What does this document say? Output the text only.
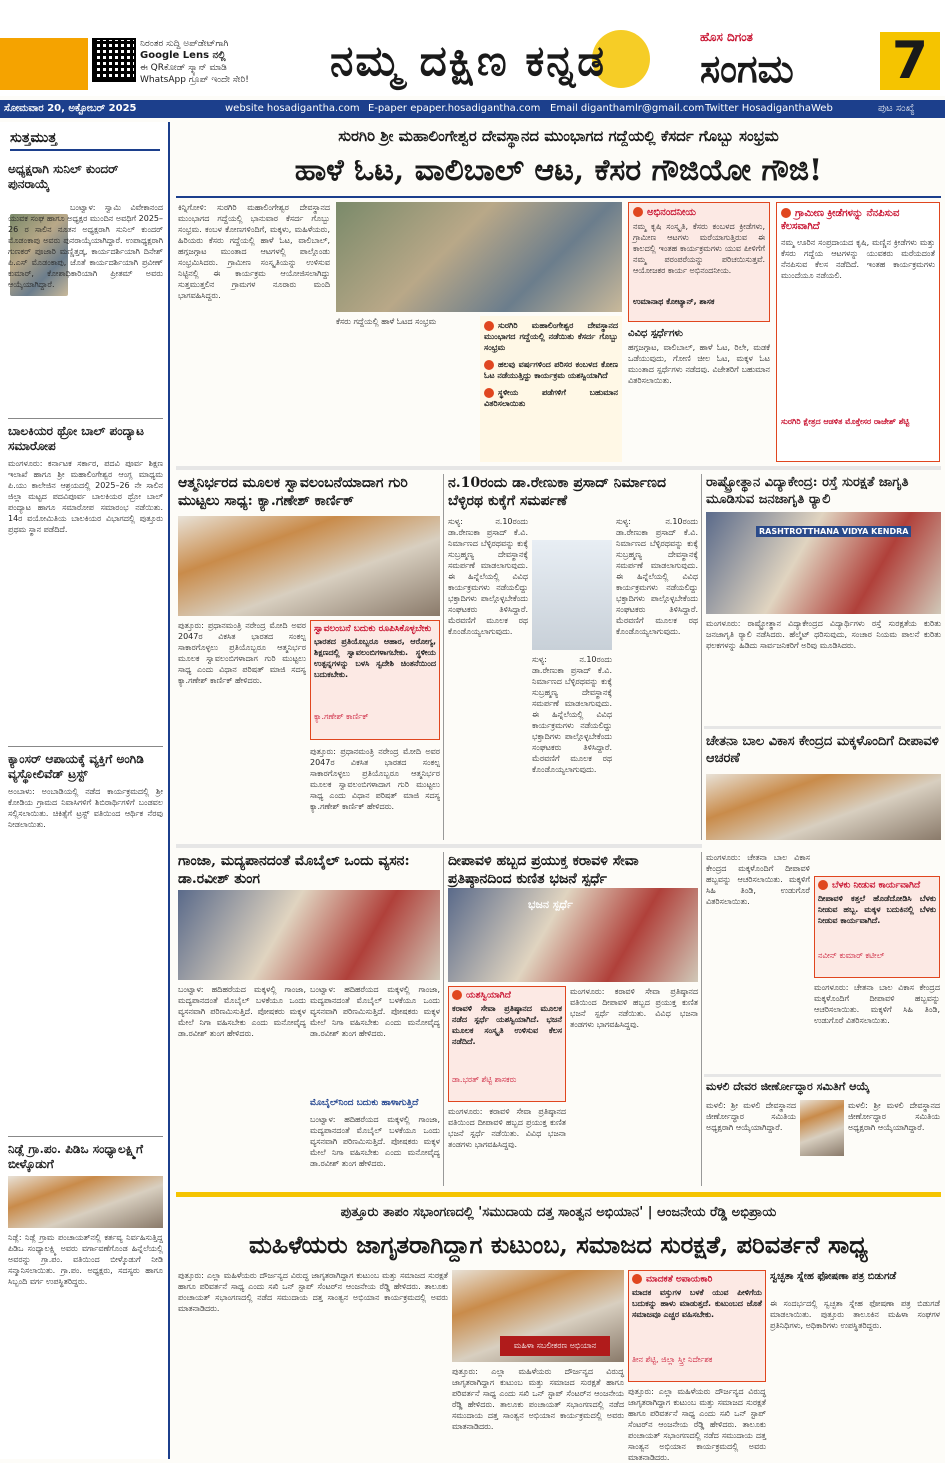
ನಿರಂತರ ಸುದ್ದಿ ಅಪ್‌ಡೇಟ್‌ಗಾಗಿ
Google Lens ನಲ್ಲಿ
ಈ QRಕೋಡ್ ಸ್ಕ್ಯಾನ್ ಮಾಡಿ
WhatsApp ಗ್ರೂಪ್ ಇಂದೇ ಸೇರಿ!	ನಮ್ಮ ದಕ್ಷಿಣ ಕನ್ನಡ	ಹೊಸ ದಿಗಂತ
ಸಂಗಮ 7
ಸೋಮವಾರ 20, ಅಕ್ಟೋಬರ್ 2025	website hosadigantha.com E-paper epaper.hosadigantha.com Email diganthamlr@gmail.com Twitter HosadiganthaWeb	ಪುಟ ಸಂಖ್ಯೆ
ಸುತ್ತಮುತ್ತ
ಅಧ್ಯಕ್ಷರಾಗಿ ಸುನಿಲ್ ಕುಂದರ್ ಪುನರಾಯ್ಕೆ
ಬಂಟ್ವಾಳ: ಸ್ವಾಮಿ ವಿವೇಕಾನಂದ ಯುವಕ ಸಂಘ ಹಾಗೂ ಅಧ್ಯಕ್ಷರ ಮುಂದಿನ ಅವಧಿಗೆ 2025–26 ರ ಸಾಲಿನ ನೂತನ ಅಧ್ಯಕ್ಷರಾಗಿ ಸುನಿಲ್ ಕುಂದರ್ ಮೊಡಂಕಾಪು ಅವರು ಪುನರಾಯ್ಕೆಯಾಗಿದ್ದಾರೆ. ಉಪಾಧ್ಯಕ್ಷರಾಗಿ ಗುಣಕರ್ ಪೂಜಾರಿ ಮಣ್ಣಿತ್ತಡ್ಕ, ಕಾರ್ಯದರ್ಶಿಯಾಗಿ ದಿನೇಶ್ ಪಿ.ಎಸ್ ಮೊಡಂಕಾಪು, ಜೊತೆ ಕಾರ್ಯದರ್ಶಿಯಾಗಿ ಪ್ರವೀಣ್ ಕುಮಾರ್, ಕೋಶಾಧಿಕಾರಿಯಾಗಿ ಪ್ರೀತಮ್ ಅವರು ಆಯ್ಕೆಯಾಗಿದ್ದಾರೆ.
ಬಾಲಕಿಯರ ಥ್ರೋ ಬಾಲ್ ಪಂದ್ಯಾಟ ಸಮಾರೋಪ
ಮಂಗಳೂರು: ಕರ್ನಾಟಕ ಸರ್ಕಾರ, ಪದವಿ ಪೂರ್ವ ಶಿಕ್ಷಣ ಇಲಾಖೆ ಹಾಗೂ ಶ್ರೀ ಮಹಾಲಿಂಗೇಶ್ವರ ಆಂಗ್ಲ ಮಾಧ್ಯಮ ಪಿ.ಯು ಕಾಲೇಜಿನ ಆಶ್ರಯದಲ್ಲಿ 2025–26 ನೇ ಸಾಲಿನ ಜಿಲ್ಲಾ ಮಟ್ಟದ ಪದವಿಪೂರ್ವ ಬಾಲಕಿಯರ ಥ್ರೋ ಬಾಲ್ ಪಂದ್ಯಾಟ ಹಾಗೂ ಸಮಾರೋಪ ಸಮಾರಂಭ ನಡೆಯಿತು. 14ರ ವಯೋಮಿತಿಯ ಬಾಲಕಿಯರ ವಿಭಾಗದಲ್ಲಿ ಪುತ್ತೂರು ಪ್ರಥಮ ಸ್ಥಾನ ಪಡೆದಿದೆ.
ಕ್ಯಾಂಸರ್ ಆಪಾಯಕ್ಕೆ ವ್ಯಕ್ತಿಗೆ ಅಂಗಿಡಿ ವ್ಯಸ್ಥೋಲಿವೆಡ್ ಟ್ರಸ್ಟ್
ಅಂಬಾಳು: ಅಂಬಾಡಿಯಲ್ಲಿ ನಡೆದ ಕಾರ್ಯಕ್ರಮದಲ್ಲಿ ಶ್ರೀ ಕೋಡಿಯ ಗ್ರಾಮದ ನಿವಾಸಿಗಳಿಗೆ ಶಿಬಿರಾರ್ಥಿಗಳಿಗೆ ಬಂಡವಲ ಸಲ್ಲಿಸಲಾಯಿತು. ಚಿಕಿತ್ಸೆಗೆ ಟ್ರಸ್ಟ್ ವತಿಯಿಂದ ಆರ್ಥಿಕ ನೆರವು ನೀಡಲಾಯಿತು.
ನಿಡ್ಲೆ ಗ್ರಾ.ಪಂ. ಪಿಡಿಒ ಸಂಧ್ಯಾಲಕ್ಷ್ಮಿಗೆ ಬೀಳ್ಕೊಡುಗೆ
ನಿಡ್ಲೆ: ನಿಡ್ಲೆ ಗ್ರಾಮ ಪಂಚಾಯತ್‌ನಲ್ಲಿ ಕರ್ತವ್ಯ ನಿರ್ವಹಿಸುತ್ತಿದ್ದ ಪಿಡಿಒ ಸಂಧ್ಯಾಲಕ್ಷ್ಮಿ ಅವರು ವರ್ಗಾವಣೆಗೊಂಡ ಹಿನ್ನೆಲೆಯಲ್ಲಿ ಅವರನ್ನು ಗ್ರಾ.ಪಂ. ವತಿಯಿಂದ ಬೀಳ್ಕೊಡುಗೆ ನೀಡಿ ಸನ್ಮಾನಿಸಲಾಯಿತು. ಗ್ರಾ.ಪಂ. ಅಧ್ಯಕ್ಷರು, ಸದಸ್ಯರು ಹಾಗೂ ಸಿಬ್ಬಂದಿ ವರ್ಗ ಉಪಸ್ಥಿತರಿದ್ದರು.
ಸುರಗಿರಿ ಶ್ರೀ ಮಹಾಲಿಂಗೇಶ್ವರ ದೇವಸ್ಥಾನದ ಮುಂಭಾಗದ ಗದ್ದೆಯಲ್ಲಿ ಕೆಸರ್ದ ಗೊಬ್ಬು ಸಂಭ್ರಮ
ಹಾಳೆ ಓಟ, ವಾಲಿಬಾಲ್ ಆಟ, ಕೆಸರ ಗೌಜಿಯೋ ಗೌಜಿ!
ಕಿನ್ನಿಗೋಳಿ: ಸುರಗಿರಿ ಮಹಾಲಿಂಗೇಶ್ವರ ದೇವಸ್ಥಾನದ ಮುಂಭಾಗದ ಗದ್ದೆಯಲ್ಲಿ ಭಾನುವಾರ ಕೆಸರ್ದ ಗೊಬ್ಬು ಸಂಭ್ರಮ. ಕಂಬಳ ಕೋಣಗಳಿಂದಿಗೆ, ಮಕ್ಕಳು, ಮಹಿಳೆಯರು, ಹಿರಿಯರು ಕೆಸರು ಗದ್ದೆಯಲ್ಲಿ ಹಾಳೆ ಓಟ, ವಾಲಿಬಾಲ್, ಹಗ್ಗಜಗ್ಗಾಟ ಮುಂತಾದ ಆಟಗಳಲ್ಲಿ ಪಾಲ್ಗೊಂಡು ಸಂಭ್ರಮಿಸಿದರು. ಗ್ರಾಮೀಣ ಸಂಸ್ಕೃತಿಯನ್ನು ಉಳಿಸುವ ನಿಟ್ಟಿನಲ್ಲಿ ಈ ಕಾರ್ಯಕ್ರಮ ಆಯೋಜಿಸಲಾಗಿದ್ದು ಸುತ್ತಮುತ್ತಲಿನ ಗ್ರಾಮಗಳ ನೂರಾರು ಮಂದಿ ಭಾಗವಹಿಸಿದ್ದರು.
ಕೆಸರು ಗದ್ದೆಯಲ್ಲಿ ಹಾಳೆ ಓಟದ ಸಂಭ್ರಮ	ಸುರಗಿರಿ ಮಹಾಲಿಂಗೇಶ್ವರ ದೇವಸ್ಥಾನದ ಮುಂಭಾಗದ ಗದ್ದೆಯಲ್ಲಿ ನಡೆಯಿತು ಕೆಸರ್ದ ಗೊಬ್ಬು ಸಂಭ್ರಮ
ಹಲವು ವರ್ಷಗಳಿಂದ ಪರಿಸರ ಕಂಬಳದ ಕೋಣ ಓಟ ನಡೆಯುತ್ತಿದ್ದು ಕಾರ್ಯಕ್ರಮ ಯಶಸ್ವಿಯಾಗಿದೆ
ಸ್ಥಳೀಯ ಪಡೆಗಳಿಗೆ ಬಹುಮಾನ ವಿತರಿಸಲಾಯಿತು
ಅಭಿನಂದನೀಯ
ನಮ್ಮ ಕೃಷಿ ಸಂಸ್ಕೃತಿ, ಕೆಸರು ಕಂಬಳದ ಕ್ರೀಡೆಗಳು, ಗ್ರಾಮೀಣ ಆಟಗಳು ಮರೆಯಾಗುತ್ತಿರುವ ಈ ಕಾಲದಲ್ಲಿ ಇಂತಹ ಕಾರ್ಯಕ್ರಮಗಳು ಯುವ ಪೀಳಿಗೆಗೆ ನಮ್ಮ ಪರಂಪರೆಯನ್ನು ಪರಿಚಯಿಸುತ್ತವೆ. ಆಯೋಜಕರ ಕಾರ್ಯ ಅಭಿನಂದನೀಯ.
ಉಮಾನಾಥ ಕೋಟ್ಯಾನ್, ಶಾಸಕ
ವಿವಿಧ ಸ್ಪರ್ಧೆಗಳು
ಹಗ್ಗಜಗ್ಗಾಟ, ವಾಲಿಬಾಲ್, ಹಾಳೆ ಓಟ, ರಿಲೇ, ಮಡಕೆ ಒಡೆಯುವುದು, ಗೋಣಿ ಚೀಲ ಓಟ, ಮಕ್ಕಳ ಓಟ ಮುಂತಾದ ಸ್ಪರ್ಧೆಗಳು ನಡೆದವು. ವಿಜೇತರಿಗೆ ಬಹುಮಾನ ವಿತರಿಸಲಾಯಿತು.
ಗ್ರಾಮೀಣ ಕ್ರೀಡೆಗಳನ್ನು ನೆನಪಿಸುವ ಕೆಲಸವಾಗಿದೆ
ನಮ್ಮ ಊರಿನ ಸಂಪ್ರದಾಯದ ಕೃಷಿ, ಮಣ್ಣಿನ ಕ್ರೀಡೆಗಳು ಮತ್ತು ಕೆಸರು ಗದ್ದೆಯ ಆಟಗಳನ್ನು ಯುವಕರು ಮರೆಯದಂತೆ ನೆನಪಿಸುವ ಕೆಲಸ ನಡೆದಿದೆ. ಇಂತಹ ಕಾರ್ಯಕ್ರಮಗಳು ಮುಂದೆಯೂ ನಡೆಯಲಿ.
ಸುರಗಿರಿ ಕ್ಷೇತ್ರದ ಆಡಳಿತ ಮೊಕ್ತೇಸರ ರಾಜೇಶ್ ಶೆಟ್ಟಿ
ಆತ್ಮನಿರ್ಭರದ ಮೂಲಕ ಸ್ವಾವಲಂಬನೆಯಾದಾಗ ಗುರಿ ಮುಟ್ಟಲು ಸಾಧ್ಯ: ಕ್ಯಾ.ಗಣೇಶ್ ಕಾರ್ಣಿಕ್
ಪುತ್ತೂರು: ಪ್ರಧಾನಮಂತ್ರಿ ನರೇಂದ್ರ ಮೋದಿ ಅವರ 2047ರ ವಿಕಸಿತ ಭಾರತದ ಸಂಕಲ್ಪ ಸಾಕಾರಗೊಳ್ಳಲು ಪ್ರತಿಯೊಬ್ಬರೂ ಆತ್ಮನಿರ್ಭರ ಮೂಲಕ ಸ್ವಾವಲಂಬಿಗಳಾದಾಗ ಗುರಿ ಮುಟ್ಟಲು ಸಾಧ್ಯ ಎಂದು ವಿಧಾನ ಪರಿಷತ್ ಮಾಜಿ ಸದಸ್ಯ ಕ್ಯಾ.ಗಣೇಶ್ ಕಾರ್ಣಿಕ್ ಹೇಳಿದರು.
ಸ್ವಾವಲಂಬನೆ ಬದುಕು ರೂಪಿಸಿಕೊಳ್ಳಬೇಕು
ಭಾರತದ ಪ್ರತಿಯೊಬ್ಬರೂ ಆಹಾರ, ಆರೋಗ್ಯ, ಶಿಕ್ಷಣದಲ್ಲಿ ಸ್ವಾವಲಂಬಿಗಳಾಗಬೇಕು. ಸ್ಥಳೀಯ ಉತ್ಪನ್ನಗಳನ್ನು ಬಳಸಿ ಸ್ವದೇಶಿ ಚಿಂತನೆಯಿಂದ ಬದುಕಬೇಕು.
ಕ್ಯಾ.ಗಣೇಶ್ ಕಾರ್ಣಿಕ್
ಪುತ್ತೂರು: ಪ್ರಧಾನಮಂತ್ರಿ ನರೇಂದ್ರ ಮೋದಿ ಅವರ 2047ರ ವಿಕಸಿತ ಭಾರತದ ಸಂಕಲ್ಪ ಸಾಕಾರಗೊಳ್ಳಲು ಪ್ರತಿಯೊಬ್ಬರೂ ಆತ್ಮನಿರ್ಭರ ಮೂಲಕ ಸ್ವಾವಲಂಬಿಗಳಾದಾಗ ಗುರಿ ಮುಟ್ಟಲು ಸಾಧ್ಯ ಎಂದು ವಿಧಾನ ಪರಿಷತ್ ಮಾಜಿ ಸದಸ್ಯ ಕ್ಯಾ.ಗಣೇಶ್ ಕಾರ್ಣಿಕ್ ಹೇಳಿದರು.
ನ.10ರಂದು ಡಾ.ರೇಣುಕಾ ಪ್ರಸಾದ್ ನಿರ್ಮಾಣದ ಬೆಳ್ಳಿರಥ ಕುಕ್ಕೆಗೆ ಸಮರ್ಪಣೆ
ಸುಳ್ಯ: ನ.10ರಂದು ಡಾ.ರೇಣುಕಾ ಪ್ರಸಾದ್ ಕೆ.ವಿ. ನಿರ್ಮಾಣದ ಬೆಳ್ಳಿರಥವನ್ನು ಕುಕ್ಕೆ ಸುಬ್ರಹ್ಮಣ್ಯ ದೇವಸ್ಥಾನಕ್ಕೆ ಸಮರ್ಪಣೆ ಮಾಡಲಾಗುವುದು. ಈ ಹಿನ್ನೆಲೆಯಲ್ಲಿ ವಿವಿಧ ಕಾರ್ಯಕ್ರಮಗಳು ನಡೆಯಲಿದ್ದು ಭಕ್ತಾದಿಗಳು ಪಾಲ್ಗೊಳ್ಳಬೇಕೆಂದು ಸಂಘಟಕರು ತಿಳಿಸಿದ್ದಾರೆ. ಮೆರವಣಿಗೆ ಮೂಲಕ ರಥ ಕೊಂಡೊಯ್ಯಲಾಗುವುದು.
ಸುಳ್ಯ: ನ.10ರಂದು ಡಾ.ರೇಣುಕಾ ಪ್ರಸಾದ್ ಕೆ.ವಿ. ನಿರ್ಮಾಣದ ಬೆಳ್ಳಿರಥವನ್ನು ಕುಕ್ಕೆ ಸುಬ್ರಹ್ಮಣ್ಯ ದೇವಸ್ಥಾನಕ್ಕೆ ಸಮರ್ಪಣೆ ಮಾಡಲಾಗುವುದು. ಈ ಹಿನ್ನೆಲೆಯಲ್ಲಿ ವಿವಿಧ ಕಾರ್ಯಕ್ರಮಗಳು ನಡೆಯಲಿದ್ದು ಭಕ್ತಾದಿಗಳು ಪಾಲ್ಗೊಳ್ಳಬೇಕೆಂದು ಸಂಘಟಕರು ತಿಳಿಸಿದ್ದಾರೆ. ಮೆರವಣಿಗೆ ಮೂಲಕ ರಥ ಕೊಂಡೊಯ್ಯಲಾಗುವುದು.
ಸುಳ್ಯ: ನ.10ರಂದು ಡಾ.ರೇಣುಕಾ ಪ್ರಸಾದ್ ಕೆ.ವಿ. ನಿರ್ಮಾಣದ ಬೆಳ್ಳಿರಥವನ್ನು ಕುಕ್ಕೆ ಸುಬ್ರಹ್ಮಣ್ಯ ದೇವಸ್ಥಾನಕ್ಕೆ ಸಮರ್ಪಣೆ ಮಾಡಲಾಗುವುದು. ಈ ಹಿನ್ನೆಲೆಯಲ್ಲಿ ವಿವಿಧ ಕಾರ್ಯಕ್ರಮಗಳು ನಡೆಯಲಿದ್ದು ಭಕ್ತಾದಿಗಳು ಪಾಲ್ಗೊಳ್ಳಬೇಕೆಂದು ಸಂಘಟಕರು ತಿಳಿಸಿದ್ದಾರೆ. ಮೆರವಣಿಗೆ ಮೂಲಕ ರಥ ಕೊಂಡೊಯ್ಯಲಾಗುವುದು.
ರಾಷ್ಟ್ರೋತ್ಥಾನ ವಿದ್ಯಾಕೇಂದ್ರ: ರಸ್ತೆ ಸುರಕ್ಷತೆ ಜಾಗೃತಿ ಮೂಡಿಸುವ ಜನಜಾಗೃತಿ ರ್‍ಯಾಲಿ
RASHTROTTHANA VIDYA KENDRA
ಮಂಗಳೂರು: ರಾಷ್ಟ್ರೋತ್ಥಾನ ವಿದ್ಯಾಕೇಂದ್ರದ ವಿದ್ಯಾರ್ಥಿಗಳು ರಸ್ತೆ ಸುರಕ್ಷತೆಯ ಕುರಿತು ಜನಜಾಗೃತಿ ರ್‍ಯಾಲಿ ನಡೆಸಿದರು. ಹೆಲ್ಮೆಟ್ ಧರಿಸುವುದು, ಸಂಚಾರ ನಿಯಮ ಪಾಲನೆ ಕುರಿತು ಫಲಕಗಳನ್ನು ಹಿಡಿದು ಸಾರ್ವಜನಿಕರಿಗೆ ಅರಿವು ಮೂಡಿಸಿದರು.
ಚೇತನಾ ಬಾಲ ವಿಕಾಸ ಕೇಂದ್ರದ ಮಕ್ಕಳೊಂದಿಗೆ ದೀಪಾವಳಿ ಆಚರಣೆ
ಗಾಂಜಾ, ಮದ್ಯಪಾನದಂತೆ ಮೊಬೈಲ್ ಒಂದು ವ್ಯಸನ: ಡಾ.ರವೀಶ್ ತುಂಗ
ಬಂಟ್ವಾಳ: ಹದಿಹರೆಯದ ಮಕ್ಕಳಲ್ಲಿ ಗಾಂಜಾ, ಮದ್ಯಪಾನದಂತೆ ಮೊಬೈಲ್ ಬಳಕೆಯೂ ಒಂದು ವ್ಯಸನವಾಗಿ ಪರಿಣಮಿಸುತ್ತಿದೆ. ಪೋಷಕರು ಮಕ್ಕಳ ಮೇಲೆ ನಿಗಾ ವಹಿಸಬೇಕು ಎಂದು ಮನೋವೈದ್ಯ ಡಾ.ರವೀಶ್ ತುಂಗ ಹೇಳಿದರು.
ಬಂಟ್ವಾಳ: ಹದಿಹರೆಯದ ಮಕ್ಕಳಲ್ಲಿ ಗಾಂಜಾ, ಮದ್ಯಪಾನದಂತೆ ಮೊಬೈಲ್ ಬಳಕೆಯೂ ಒಂದು ವ್ಯಸನವಾಗಿ ಪರಿಣಮಿಸುತ್ತಿದೆ. ಪೋಷಕರು ಮಕ್ಕಳ ಮೇಲೆ ನಿಗಾ ವಹಿಸಬೇಕು ಎಂದು ಮನೋವೈದ್ಯ ಡಾ.ರವೀಶ್ ತುಂಗ ಹೇಳಿದರು.
ಮೊಬೈಲ್‌ನಿಂದ ಬದುಕು ಹಾಳಾಗುತ್ತಿದೆ
ಬಂಟ್ವಾಳ: ಹದಿಹರೆಯದ ಮಕ್ಕಳಲ್ಲಿ ಗಾಂಜಾ, ಮದ್ಯಪಾನದಂತೆ ಮೊಬೈಲ್ ಬಳಕೆಯೂ ಒಂದು ವ್ಯಸನವಾಗಿ ಪರಿಣಮಿಸುತ್ತಿದೆ. ಪೋಷಕರು ಮಕ್ಕಳ ಮೇಲೆ ನಿಗಾ ವಹಿಸಬೇಕು ಎಂದು ಮನೋವೈದ್ಯ ಡಾ.ರವೀಶ್ ತುಂಗ ಹೇಳಿದರು.
ದೀಪಾವಳಿ ಹಬ್ಬದ ಪ್ರಯುಕ್ತ ಕರಾವಳಿ ಸೇವಾ ಪ್ರತಿಷ್ಠಾನದಿಂದ ಕುಣಿತ ಭಜನೆ ಸ್ಪರ್ಧೆ
ಭಜನ ಸ್ಪರ್ಧೆ
ಯಶಸ್ವಿಯಾಗಿದೆ
ಕರಾವಳಿ ಸೇವಾ ಪ್ರತಿಷ್ಠಾನದ ಮೂಲಕ ನಡೆದ ಸ್ಪರ್ಧೆ ಯಶಸ್ವಿಯಾಗಿದೆ. ಭಜನೆ ಮೂಲಕ ಸಂಸ್ಕೃತಿ ಉಳಿಸುವ ಕೆಲಸ ನಡೆದಿದೆ.
ಡಾ.ಭರತ್ ಶೆಟ್ಟಿ ಶಾಸಕರು
ಮಂಗಳೂರು: ಕರಾವಳಿ ಸೇವಾ ಪ್ರತಿಷ್ಠಾನದ ವತಿಯಿಂದ ದೀಪಾವಳಿ ಹಬ್ಬದ ಪ್ರಯುಕ್ತ ಕುಣಿತ ಭಜನೆ ಸ್ಪರ್ಧೆ ನಡೆಯಿತು. ವಿವಿಧ ಭಜನಾ ತಂಡಗಳು ಭಾಗವಹಿಸಿದ್ದವು.
ಮಂಗಳೂರು: ಕರಾವಳಿ ಸೇವಾ ಪ್ರತಿಷ್ಠಾನದ ವತಿಯಿಂದ ದೀಪಾವಳಿ ಹಬ್ಬದ ಪ್ರಯುಕ್ತ ಕುಣಿತ ಭಜನೆ ಸ್ಪರ್ಧೆ ನಡೆಯಿತು. ವಿವಿಧ ಭಜನಾ ತಂಡಗಳು ಭಾಗವಹಿಸಿದ್ದವು.
ಮಂಗಳೂರು: ಚೇತನಾ ಬಾಲ ವಿಕಾಸ ಕೇಂದ್ರದ ಮಕ್ಕಳೊಂದಿಗೆ ದೀಪಾವಳಿ ಹಬ್ಬವನ್ನು ಆಚರಿಸಲಾಯಿತು. ಮಕ್ಕಳಿಗೆ ಸಿಹಿ ತಿಂಡಿ, ಉಡುಗೊರೆ ವಿತರಿಸಲಾಯಿತು.
ಬೆಳಕು ನೀಡುವ ಕಾರ್ಯವಾಗಿದೆ
ದೀಪಾವಳಿ ಕತ್ತಲೆ ಹೊಡೆದೋಡಿಸಿ ಬೆಳಕು ನೀಡುವ ಹಬ್ಬ. ಮಕ್ಕಳ ಬದುಕಿನಲ್ಲಿ ಬೆಳಕು ನೀಡುವ ಕಾರ್ಯವಾಗಿದೆ.
ನವೀನ್ ಕುಮಾರ್ ಕಟೀಲ್
ಮಂಗಳೂರು: ಚೇತನಾ ಬಾಲ ವಿಕಾಸ ಕೇಂದ್ರದ ಮಕ್ಕಳೊಂದಿಗೆ ದೀಪಾವಳಿ ಹಬ್ಬವನ್ನು ಆಚರಿಸಲಾಯಿತು. ಮಕ್ಕಳಿಗೆ ಸಿಹಿ ತಿಂಡಿ, ಉಡುಗೊರೆ ವಿತರಿಸಲಾಯಿತು.
ಮಳಲಿ ದೇವರ ಜೀರ್ಣೋದ್ಧಾರ ಸಮಿತಿಗೆ ಆಯ್ಕೆ
ಮಳಲಿ: ಶ್ರೀ ಮಳಲಿ ದೇವಸ್ಥಾನದ ಜೀರ್ಣೋದ್ಧಾರ ಸಮಿತಿಯ ಅಧ್ಯಕ್ಷರಾಗಿ ಆಯ್ಕೆಯಾಗಿದ್ದಾರೆ.
ಮಳಲಿ: ಶ್ರೀ ಮಳಲಿ ದೇವಸ್ಥಾನದ ಜೀರ್ಣೋದ್ಧಾರ ಸಮಿತಿಯ ಅಧ್ಯಕ್ಷರಾಗಿ ಆಯ್ಕೆಯಾಗಿದ್ದಾರೆ.
ಪುತ್ತೂರು ತಾಪಂ ಸಭಾಂಗಣದಲ್ಲಿ 'ಸಮುದಾಯ ದತ್ತ ಸಾಂತ್ವನ ಅಭಿಯಾನ' | ಆಂಜನೇಯ ರೆಡ್ಡಿ ಅಭಿಪ್ರಾಯ
ಮಹಿಳೆಯರು ಜಾಗೃತರಾಗಿದ್ದಾಗ ಕುಟುಂಬ, ಸಮಾಜದ ಸುರಕ್ಷತೆ, ಪರಿವರ್ತನೆ ಸಾಧ್ಯ
ಪುತ್ತೂರು: ಎಲ್ಲಾ ಮಹಿಳೆಯರು ದೌರ್ಜನ್ಯದ ವಿರುದ್ಧ ಜಾಗೃತರಾಗಿದ್ದಾಗ ಕುಟುಂಬ ಮತ್ತು ಸಮಾಜದ ಸುರಕ್ಷತೆ ಹಾಗೂ ಪರಿವರ್ತನೆ ಸಾಧ್ಯ ಎಂದು ಸಖಿ ಒನ್ ಸ್ಟಾಪ್ ಸೆಂಟರ್‌ನ ಆಂಜನೇಯ ರೆಡ್ಡಿ ಹೇಳಿದರು. ತಾಲೂಕು ಪಂಚಾಯತ್ ಸಭಾಂಗಣದಲ್ಲಿ ನಡೆದ ಸಮುದಾಯ ದತ್ತ ಸಾಂತ್ವನ ಅಭಿಯಾನ ಕಾರ್ಯಕ್ರಮದಲ್ಲಿ ಅವರು ಮಾತನಾಡಿದರು.
ಮಹಿಳಾ ಸಬಲೀಕರಣ ಅಭಿಯಾನ
ಪುತ್ತೂರು: ಎಲ್ಲಾ ಮಹಿಳೆಯರು ದೌರ್ಜನ್ಯದ ವಿರುದ್ಧ ಜಾಗೃತರಾಗಿದ್ದಾಗ ಕುಟುಂಬ ಮತ್ತು ಸಮಾಜದ ಸುರಕ್ಷತೆ ಹಾಗೂ ಪರಿವರ್ತನೆ ಸಾಧ್ಯ ಎಂದು ಸಖಿ ಒನ್ ಸ್ಟಾಪ್ ಸೆಂಟರ್‌ನ ಆಂಜನೇಯ ರೆಡ್ಡಿ ಹೇಳಿದರು. ತಾಲೂಕು ಪಂಚಾಯತ್ ಸಭಾಂಗಣದಲ್ಲಿ ನಡೆದ ಸಮುದಾಯ ದತ್ತ ಸಾಂತ್ವನ ಅಭಿಯಾನ ಕಾರ್ಯಕ್ರಮದಲ್ಲಿ ಅವರು ಮಾತನಾಡಿದರು.
ಮಾದಕತೆ ಅಪಾಯಕಾರಿ
ಮಾದಕ ವಸ್ತುಗಳ ಬಳಕೆ ಯುವ ಪೀಳಿಗೆಯ ಬದುಕನ್ನು ಹಾಳು ಮಾಡುತ್ತದೆ. ಕುಟುಂಬದ ಜೊತೆ ಸಮಾಜವೂ ಎಚ್ಚರ ವಹಿಸಬೇಕು.
ತೀನ ಶೆಟ್ಟಿ, ಜಿಲ್ಲಾ ಸ್ತ್ರೀ ನಿರ್ದೇಶಕ
ಪುತ್ತೂರು: ಎಲ್ಲಾ ಮಹಿಳೆಯರು ದೌರ್ಜನ್ಯದ ವಿರುದ್ಧ ಜಾಗೃತರಾಗಿದ್ದಾಗ ಕುಟುಂಬ ಮತ್ತು ಸಮಾಜದ ಸುರಕ್ಷತೆ ಹಾಗೂ ಪರಿವರ್ತನೆ ಸಾಧ್ಯ ಎಂದು ಸಖಿ ಒನ್ ಸ್ಟಾಪ್ ಸೆಂಟರ್‌ನ ಆಂಜನೇಯ ರೆಡ್ಡಿ ಹೇಳಿದರು. ತಾಲೂಕು ಪಂಚಾಯತ್ ಸಭಾಂಗಣದಲ್ಲಿ ನಡೆದ ಸಮುದಾಯ ದತ್ತ ಸಾಂತ್ವನ ಅಭಿಯಾನ ಕಾರ್ಯಕ್ರಮದಲ್ಲಿ ಅವರು ಮಾತನಾಡಿದರು.
ಸ್ವಚ್ಛತಾ ಸ್ನೇಹ ಫೋಷಣಾ ಪತ್ರ ಬಿಡುಗಡೆ
ಈ ಸಂದರ್ಭದಲ್ಲಿ ಸ್ವಚ್ಛತಾ ಸ್ನೇಹ ಫೋಷಣಾ ಪತ್ರ ಬಿಡುಗಡೆ ಮಾಡಲಾಯಿತು. ಪುತ್ತೂರು ತಾಲೂಕಿನ ಮಹಿಳಾ ಸಂಘಗಳ ಪ್ರತಿನಿಧಿಗಳು, ಅಧಿಕಾರಿಗಳು ಉಪಸ್ಥಿತರಿದ್ದರು.
